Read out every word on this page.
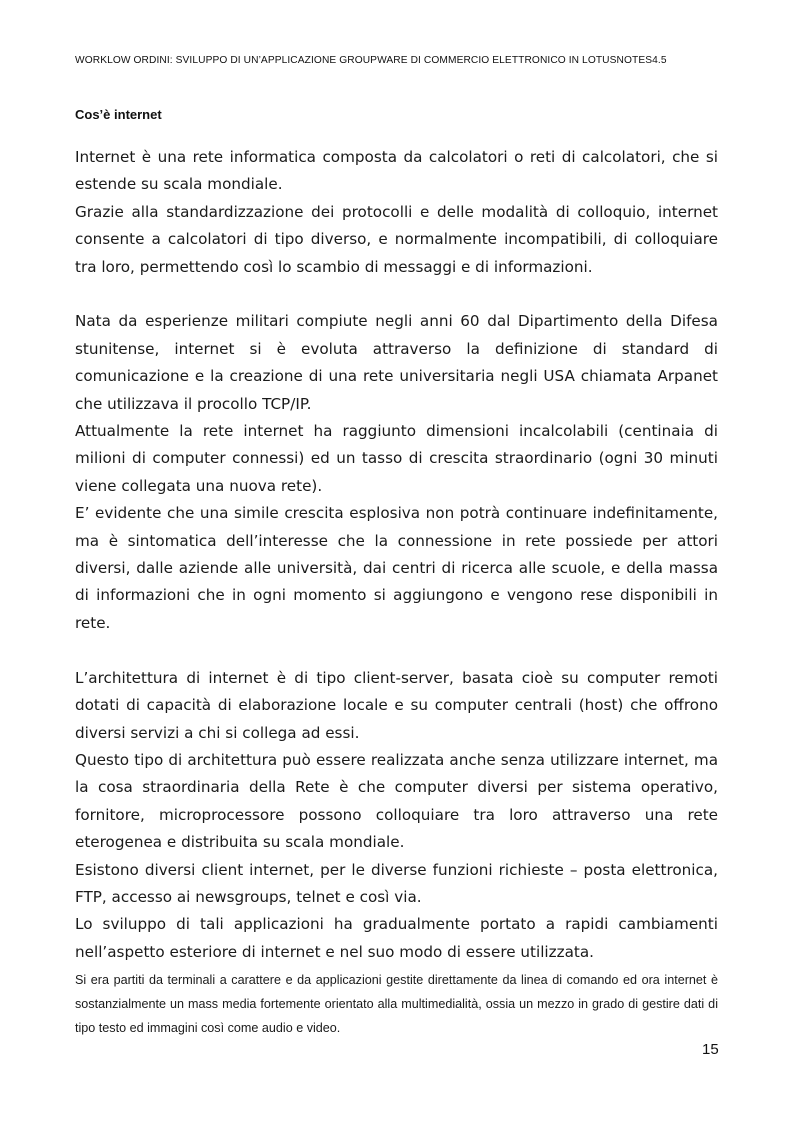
WORKLOW ORDINI: SVILUPPO DI UN’APPLICAZIONE GROUPWARE DI COMMERCIO ELETTRONICO IN LOTUSNOTES4.5
Cos’è internet

Internet è una rete informatica composta da calcolatori o reti di calcolatori, che si estende su scala mondiale.

Grazie alla standardizzazione dei protocolli e delle modalità di colloquio, internet consente a calcolatori di tipo diverso, e normalmente incompatibili, di colloquiare tra loro, permettendo così lo scambio di messaggi e di informazioni.

Nata da esperienze militari compiute negli anni 60 dal Dipartimento della Difesa stunitense, internet si è evoluta attraverso la definizione di standard di comunicazione e la creazione di una rete universitaria negli USA chiamata Arpanet che utilizzava il procollo TCP/IP.

Attualmente la rete internet ha raggiunto dimensioni incalcolabili (centinaia di milioni di computer connessi) ed un tasso di crescita straordinario (ogni 30 minuti viene collegata una nuova rete).

E’ evidente che una simile crescita esplosiva non potrà continuare indefinitamente, ma è sintomatica dell’interesse che la connessione in rete possiede per attori diversi, dalle aziende alle università, dai centri di ricerca alle scuole, e della massa di informazioni che in ogni momento si aggiungono e vengono rese disponibili in rete.

L’architettura di internet è di tipo client-server, basata cioè su computer remoti dotati di capacità di elaborazione locale e su computer centrali (host) che offrono diversi servizi a chi si collega ad essi.

Questo tipo di architettura può essere realizzata anche senza utilizzare internet, ma la cosa straordinaria della Rete è che computer diversi per sistema operativo, fornitore, microprocessore possono colloquiare tra loro attraverso una rete eterogenea e distribuita su scala mondiale.

Esistono diversi client internet, per le diverse funzioni richieste – posta elettronica, FTP, accesso ai newsgroups, telnet e così via.

Lo sviluppo di tali applicazioni ha gradualmente portato a rapidi cambiamenti nell’aspetto esteriore di internet e nel suo modo di essere utilizzata.

Si era partiti da terminali a carattere e da applicazioni gestite direttamente da linea di comando ed ora internet è sostanzialmente un mass media fortemente orientato alla multimedialità, ossia un mezzo in grado di gestire dati di tipo testo ed immagini così come audio e video.

15
